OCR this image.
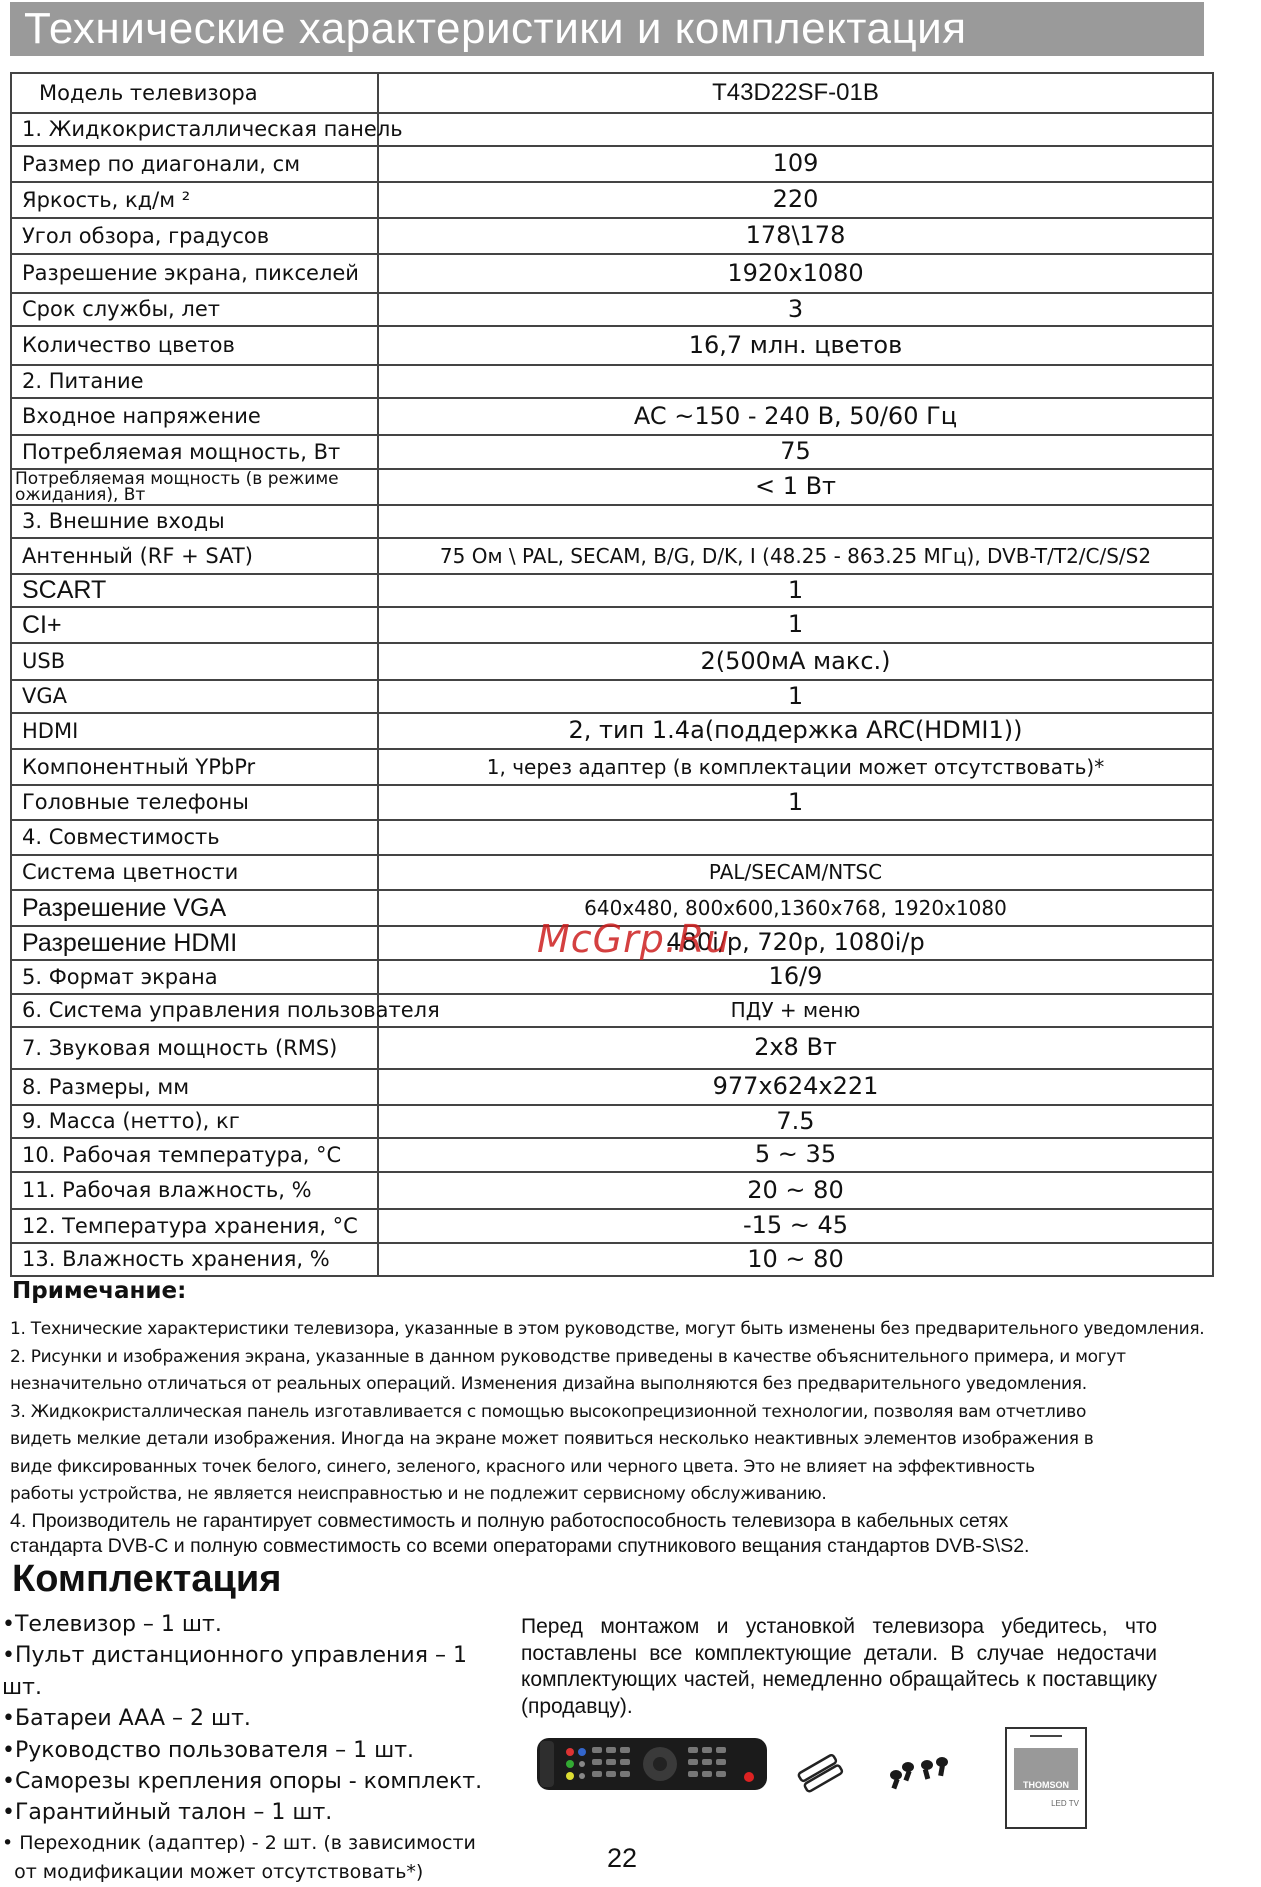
Технические характеристики и комплектация
Модель телевизора	T43D22SF-01B
1. Жидкокристаллическая панель	
Размер по диагонали, см	109
Яркость, кд/м ²	220
Угол обзора, градусов	178\178
Разрешение экрана, пикселей	1920x1080
Срок службы, лет	3
Количество цветов	16,7 млн. цветов
2. Питание	
Входное напряжение	AC ~150 - 240 В, 50/60 Гц
Потребляемая мощность, Вт	75
Потребляемая мощность (в режиме ожидания), Вт	< 1 Вт
3. Внешние входы	
Антенный (RF + SAT)	75 Ом \ PAL, SECAM, B/G, D/K, I (48.25 - 863.25 МГц), DVB-T/T2/C/S/S2
SCART	1
CI+	1
USB	2(500мА макс.)
VGA	1
HDMI	2, тип 1.4a(поддержка ARC(HDMI1))
Компонентный YPbPr	1, через адаптер (в комплектации может отсутствовать)*
Головные телефоны	1
4. Совместимость	
Система цветности	PAL/SECAM/NTSC
Разрешение VGA	640x480, 800x600,1360x768, 1920x1080
Разрешение HDMI	480i/p, 720p, 1080i/p
5. Формат экрана	16/9
6. Система управления пользователя	ПДУ + меню
7. Звуковая мощность (RMS)	2x8 Вт
8. Размеры, мм	977x624x221
9. Масса (нетто), кг	7.5
10. Рабочая температура, °C	5 ~ 35
11. Рабочая влажность, %	20 ~ 80
12. Температура хранения, °C	-15 ~ 45
13. Влажность хранения, %	10 ~ 80
McGrp.Ru
Примечание:
1. Технические характеристики телевизора, указанные в этом руководстве, могут быть изменены без предварительного уведомления.
2. Рисунки и изображения экрана, указанные в данном руководстве приведены в качестве объяснительного примера, и могут
незначительно отличаться от реальных операций. Изменения дизайна выполняются без предварительного уведомления.
3. Жидкокристаллическая панель изготавливается с помощью высокопрецизионной технологии, позволяя вам отчетливо
видеть мелкие детали изображения. Иногда на экране может появиться несколько неактивных элементов изображения в
виде фиксированных точек белого, синего, зеленого, красного или черного цвета. Это не влияет на эффективность
работы устройства, не является неисправностью и не подлежит сервисному обслуживанию.
4. Производитель не гарантирует совместимость и полную работоспособность телевизора в кабельных сетях
стандарта DVB-C и полную совместимость со всеми операторами спутникового вещания стандартов DVB-S\S2.
Комплектация
•Телевизор – 1 шт.
•Пульт дистанционного управления – 1 шт.
•Батареи AAA – 2 шт.
•Руководство пользователя – 1 шт.
•Саморезы крепления опоры - комплект.
•Гарантийный талон – 1 шт.
• Переходник (адаптер) - 2 шт. (в зависимости
от модификации может отсутствовать*)
Перед монтажом и установкой телевизора убедитесь, что поставлены все комплектующие детали. В случае недостачи комплектующих частей, немедленно обращайтесь к поставщику (продавцу).
THOMSON
LED TV
22
